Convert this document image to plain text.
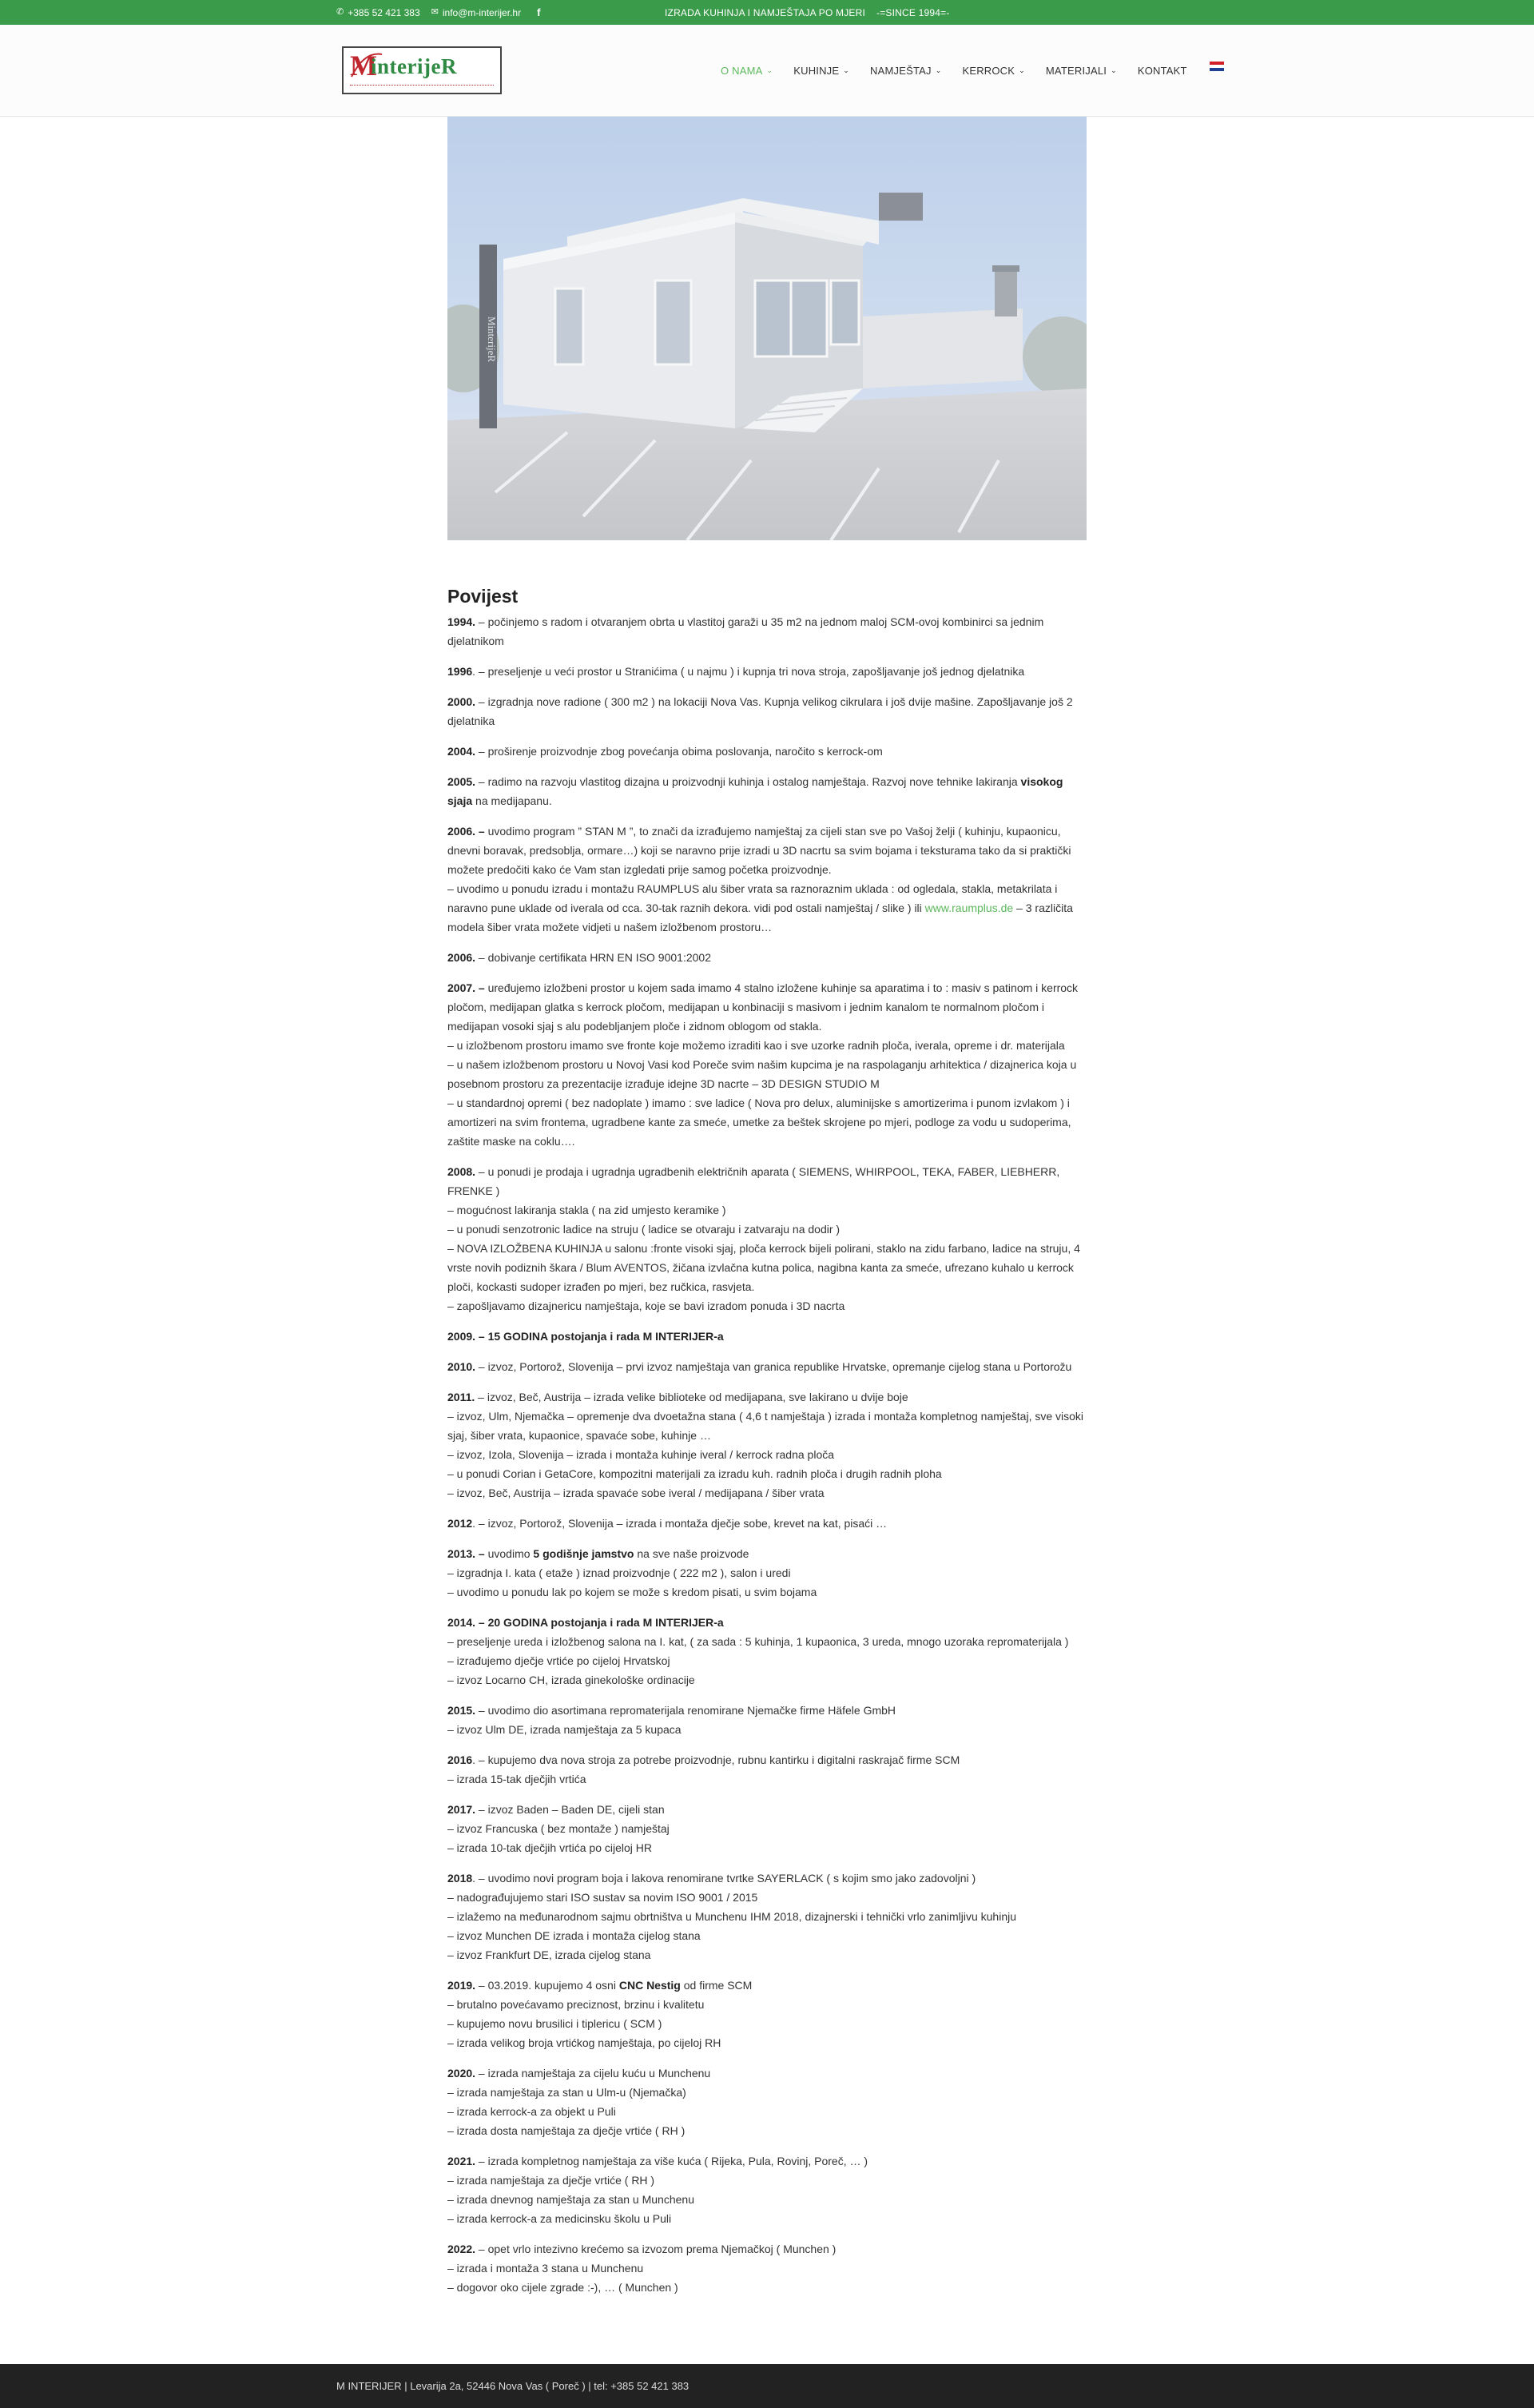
✆ +385 52 421 383 ✉ info@m-interijer.hr f	IZRADA KUHINJA I NAMJEŠTAJA PO MJERI -=SINCE 1994=-
M
interijeR	O NAMA ⌄ KUHINJE ⌄ NAMJEŠTAJ ⌄ KERROCK ⌄ MATERIJALI ⌄ KONTAKT
MinterijeR
Povijest

1994. – počinjemo s radom i otvaranjem obrta u vlastitoj garaži u 35 m2 na jednom maloj SCM-ovoj kombinirci sa jednim djelatnikom

1996. – preseljenje u veći prostor u Stranićima ( u najmu ) i kupnja tri nova stroja, zapošljavanje još jednog djelatnika

2000. – izgradnja nove radione ( 300 m2 ) na lokaciji Nova Vas. Kupnja velikog cikrulara i još dvije mašine. Zapošljavanje još 2 djelatnika

2004. – proširenje proizvodnje zbog povećanja obima poslovanja, naročito s kerrock-om

2005. – radimo na razvoju vlastitog dizajna u proizvodnji kuhinja i ostalog namještaja. Razvoj nove tehnike lakiranja visokog sjaja na medijapanu.

2006. – uvodimo program ” STAN M ”, to znači da izrađujemo namještaj za cijeli stan sve po Vašoj želji ( kuhinju, kupaonicu, dnevni boravak, predsoblja, ormare…) koji se naravno prije izradi u 3D nacrtu sa svim bojama i teksturama tako da si praktički možete predočiti kako će Vam stan izgledati prije samog početka proizvodnje.
– uvodimo u ponudu izradu i montažu RAUMPLUS alu šiber vrata sa raznoraznim uklada : od ogledala, stakla, metakrilata i naravno pune uklade od iverala od cca. 30-tak raznih dekora. vidi pod ostali namještaj / slike ) ili www.raumplus.de – 3 različita modela šiber vrata možete vidjeti u našem izložbenom prostoru…

2006. – dobivanje certifikata HRN EN ISO 9001:2002

2007. – uređujemo izložbeni prostor u kojem sada imamo 4 stalno izložene kuhinje sa aparatima i to : masiv s patinom i kerrock pločom, medijapan glatka s kerrock pločom, medijapan u konbinaciji s masivom i jednim kanalom te normalnom pločom i medijapan vosoki sjaj s alu podebljanjem ploče i zidnom oblogom od stakla.
– u izložbenom prostoru imamo sve fronte koje možemo izraditi kao i sve uzorke radnih ploča, iverala, opreme i dr. materijala
– u našem izložbenom prostoru u Novoj Vasi kod Poreče svim našim kupcima je na raspolaganju arhitektica / dizajnerica koja u posebnom prostoru za prezentacije izrađuje idejne 3D nacrte – 3D DESIGN STUDIO M
– u standardnoj opremi ( bez nadoplate ) imamo : sve ladice ( Nova pro delux, aluminijske s amortizerima i punom izvlakom ) i amortizeri na svim frontema, ugradbene kante za smeće, umetke za beštek skrojene po mjeri, podloge za vodu u sudoperima, zaštite maske na coklu….

2008. – u ponudi je prodaja i ugradnja ugradbenih električnih aparata ( SIEMENS, WHIRPOOL, TEKA, FABER, LIEBHERR, FRENKE )
– mogućnost lakiranja stakla ( na zid umjesto keramike )
– u ponudi senzotronic ladice na struju ( ladice se otvaraju i zatvaraju na dodir )
– NOVA IZLOŽBENA KUHINJA u salonu :fronte visoki sjaj, ploča kerrock bijeli polirani, staklo na zidu farbano, ladice na struju, 4 vrste novih podiznih škara / Blum AVENTOS, žičana izvlačna kutna polica, nagibna kanta za smeće, ufrezano kuhalo u kerrock ploči, kockasti sudoper izrađen po mjeri, bez ručkica, rasvjeta.
– zapošljavamo dizajnericu namještaja, koje se bavi izradom ponuda i 3D nacrta

2009. – 15 GODINA postojanja i rada M INTERIJER-a

2010. – izvoz, Portorož, Slovenija – prvi izvoz namještaja van granica republike Hrvatske, opremanje cijelog stana u Portorožu

2011. – izvoz, Beč, Austrija – izrada velike biblioteke od medijapana, sve lakirano u dvije boje
– izvoz, Ulm, Njemačka – opremenje dva dvoetažna stana ( 4,6 t namještaja ) izrada i montaža kompletnog namještaj, sve visoki sjaj, šiber vrata, kupaonice, spavaće sobe, kuhinje …
– izvoz, Izola, Slovenija – izrada i montaža kuhinje iveral / kerrock radna ploča
– u ponudi Corian i GetaCore, kompozitni materijali za izradu kuh. radnih ploča i drugih radnih ploha
– izvoz, Beč, Austrija – izrada spavaće sobe iveral / medijapana / šiber vrata

2012. – izvoz, Portorož, Slovenija – izrada i montaža dječje sobe, krevet na kat, pisaći …

2013. – uvodimo 5 godišnje jamstvo na sve naše proizvode
– izgradnja I. kata ( etaže ) iznad proizvodnje ( 222 m2 ), salon i uredi
– uvodimo u ponudu lak po kojem se može s kredom pisati, u svim bojama

2014. – 20 GODINA postojanja i rada M INTERIJER-a
– preseljenje ureda i izložbenog salona na I. kat, ( za sada : 5 kuhinja, 1 kupaonica, 3 ureda, mnogo uzoraka repromaterijala )
– izrađujemo dječje vrtiće po cijeloj Hrvatskoj
– izvoz Locarno CH, izrada ginekološke ordinacije

2015. – uvodimo dio asortimana repromaterijala renomirane Njemačke firme Häfele GmbH
– izvoz Ulm DE, izrada namještaja za 5 kupaca

2016. – kupujemo dva nova stroja za potrebe proizvodnje, rubnu kantirku i digitalni raskrajač firme SCM
– izrada 15-tak dječjih vrtića

2017. – izvoz Baden – Baden DE, cijeli stan
– izvoz Francuska ( bez montaže ) namještaj
– izrada 10-tak dječjih vrtića po cijeloj HR

2018. – uvodimo novi program boja i lakova renomirane tvrtke SAYERLACK ( s kojim smo jako zadovoljni )
– nadograđujujemo stari ISO sustav sa novim ISO 9001 / 2015
– izlažemo na međunarodnom sajmu obrtništva u Munchenu IHM 2018, dizajnerski i tehnički vrlo zanimljivu kuhinju
– izvoz Munchen DE izrada i montaža cijelog stana
– izvoz Frankfurt DE, izrada cijelog stana

2019. – 03.2019. kupujemo 4 osni CNC Nestig od firme SCM
– brutalno povećavamo preciznost, brzinu i kvalitetu
– kupujemo novu brusilici i tiplericu ( SCM )
– izrada velikog broja vrtićkog namještaja, po cijeloj RH

2020. – izrada namještaja za cijelu kuću u Munchenu
– izrada namještaja za stan u Ulm-u (Njemačka)
– izrada kerrock-a za objekt u Puli
– izrada dosta namještaja za dječje vrtiće ( RH )

2021. – izrada kompletnog namještaja za više kuća ( Rijeka, Pula, Rovinj, Poreč, … )
– izrada namještaja za dječje vrtiće ( RH )
– izrada dnevnog namještaja za stan u Munchenu
– izrada kerrock-a za medicinsku školu u Puli

2022. – opet vrlo intezivno krećemo sa izvozom prema Njemačkoj ( Munchen )
– izrada i montaža 3 stana u Munchenu
– dogovor oko cijele zgrade :-), … ( Munchen )

M INTERIJER | Levarija 2a, 52446 Nova Vas ( Poreč ) | tel: +385 52 421 383
